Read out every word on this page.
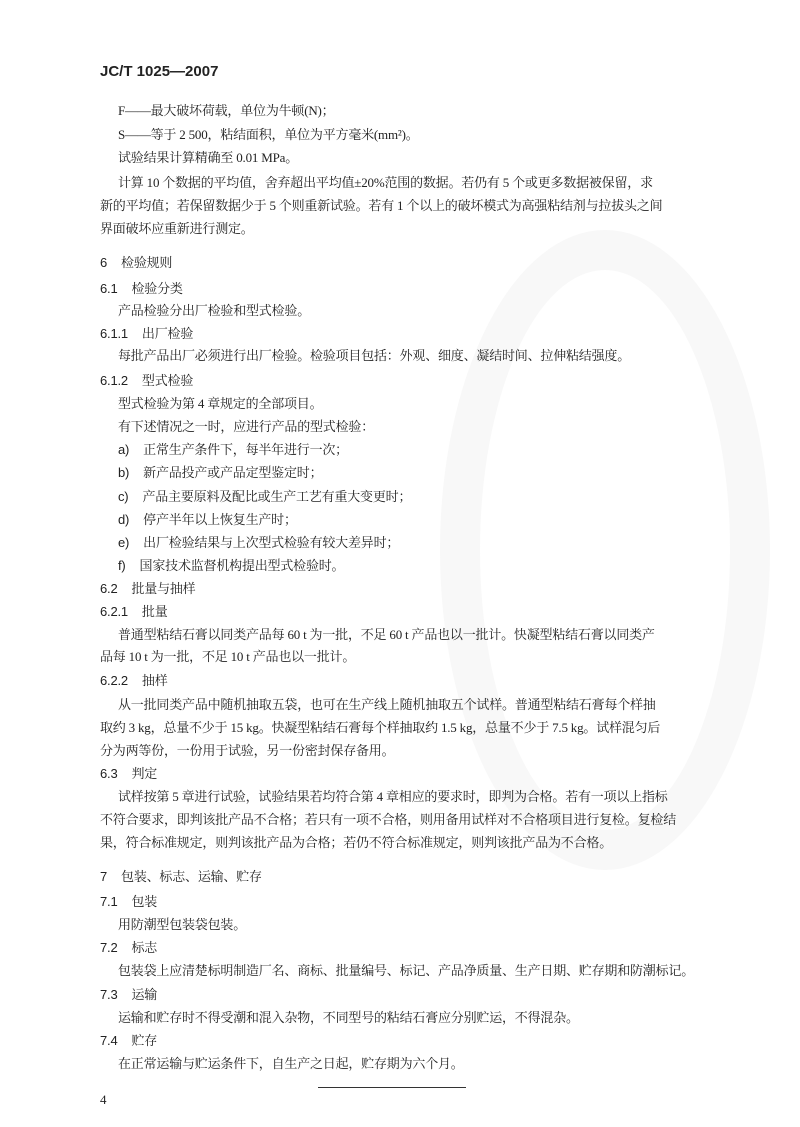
JC/T 1025—2007
F——最大破坏荷载，单位为牛顿(N)；
S——等于 2 500，粘结面积，单位为平方毫米(mm²)。
试验结果计算精确至 0.01 MPa。
计算 10 个数据的平均值，舍弃超出平均值±20%范围的数据。若仍有 5 个或更多数据被保留，求
新的平均值；若保留数据少于 5 个则重新试验。若有 1 个以上的破坏模式为高强粘结剂与拉拔头之间
界面破坏应重新进行测定。
6 检验规则
6.1 检验分类
产品检验分出厂检验和型式检验。
6.1.1 出厂检验
每批产品出厂必须进行出厂检验。检验项目包括：外观、细度、凝结时间、拉伸粘结强度。
6.1.2 型式检验
型式检验为第 4 章规定的全部项目。
有下述情况之一时，应进行产品的型式检验：
a) 正常生产条件下，每半年进行一次；
b) 新产品投产或产品定型鉴定时；
c) 产品主要原料及配比或生产工艺有重大变更时；
d) 停产半年以上恢复生产时；
e) 出厂检验结果与上次型式检验有较大差异时；
f) 国家技术监督机构提出型式检验时。
6.2 批量与抽样
6.2.1 批量
普通型粘结石膏以同类产品每 60 t 为一批，不足 60 t 产品也以一批计。快凝型粘结石膏以同类产
品每 10 t 为一批，不足 10 t 产品也以一批计。
6.2.2 抽样
从一批同类产品中随机抽取五袋，也可在生产线上随机抽取五个试样。普通型粘结石膏每个样抽
取约 3 kg，总量不少于 15 kg。快凝型粘结石膏每个样抽取约 1.5 kg，总量不少于 7.5 kg。试样混匀后
分为两等份，一份用于试验，另一份密封保存备用。
6.3 判定
试样按第 5 章进行试验，试验结果若均符合第 4 章相应的要求时，即判为合格。若有一项以上指标
不符合要求，即判该批产品不合格；若只有一项不合格，则用备用试样对不合格项目进行复检。复检结
果，符合标准规定，则判该批产品为合格；若仍不符合标准规定，则判该批产品为不合格。
7 包装、标志、运输、贮存
7.1 包装
用防潮型包装袋包装。
7.2 标志
包装袋上应清楚标明制造厂名、商标、批量编号、标记、产品净质量、生产日期、贮存期和防潮标记。
7.3 运输
运输和贮存时不得受潮和混入杂物，不同型号的粘结石膏应分别贮运，不得混杂。
7.4 贮存
在正常运输与贮运条件下，自生产之日起，贮存期为六个月。
4
